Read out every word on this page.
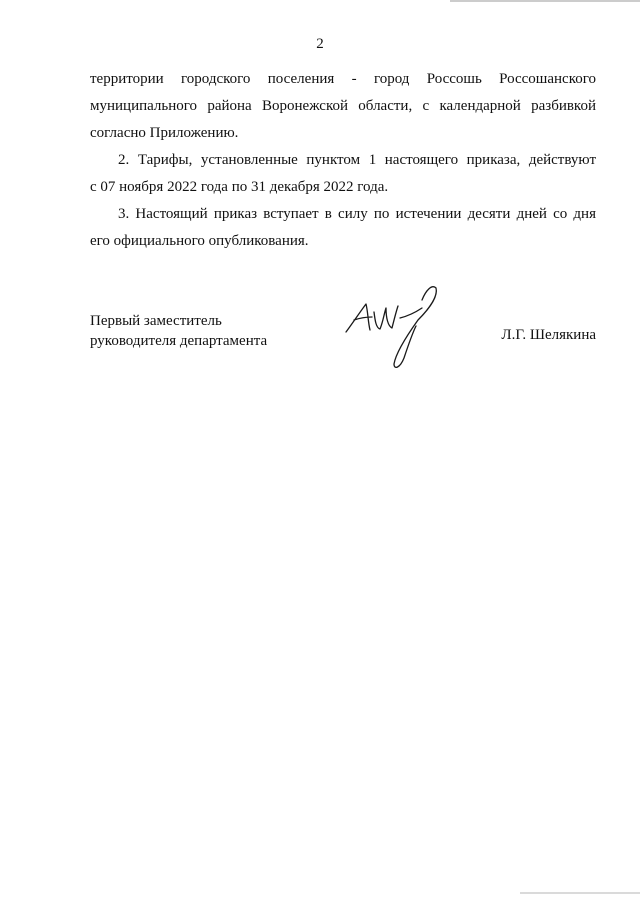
2

территории городского поселения - город Россошь Россошанского
муниципального района Воронежской области, с календарной разбивкой
согласно Приложению.

2. Тарифы, установленные пунктом 1 настоящего приказа, действуют
с 07 ноября 2022 года по 31 декабря 2022 года.

3. Настоящий приказ вступает в силу по истечении десяти дней со дня
его официального опубликования.

Первый заместитель
руководителя департамента	Л.Г. Шелякина
